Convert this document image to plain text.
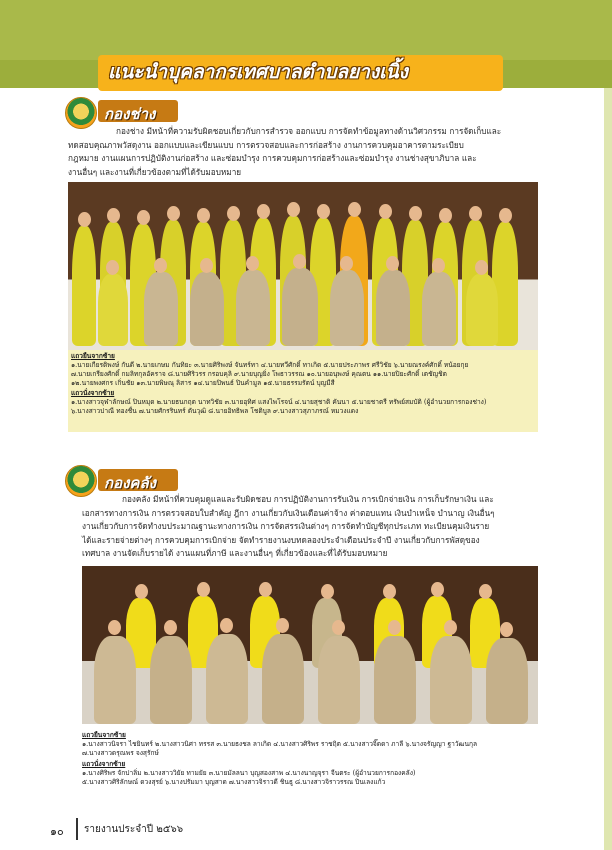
แนะนำบุคลากรเทศบาลตำบลยางเนิ้ง
กองช่าง

กองช่าง มีหน้าที่ความรับผิดชอบเกี่ยวกับการสำรวจ ออกแบบ การจัดทำข้อมูลทางด้านวิศวกรรม การจัดเก็บและ

ทดสอบคุณภาพวัสดุงาน ออกแบบและเขียนแบบ การตรวจสอบและการก่อสร้าง งานการควบคุมอาคารตามระเบียบ

กฎหมาย งานแผนการปฏิบัติงานก่อสร้าง และซ่อมบำรุง การควบคุมการก่อสร้างและซ่อมบำรุง งานช่างสุขาภิบาล และ

งานอื่นๆ และงานที่เกี่ยวข้องตามที่ได้รับมอบหมาย

แถวยืนจากซ้าย
๑.นายเกียรติพงษ์ กันดี ๒.นายเกษม กันทิยะ ๓.นายศิริพงษ์ จันทร์ทา ๔.นายทวีศักดิ์ ทาเกิด ๕.นายประภาพร ศรีวิชัย ๖.นายณรงค์ศักดิ์ หน้อยกุย
๗.นายเกรียงศักดิ์ กมลิทกุลอัคราจ ๘.นายศิริวรร กรอบคุลิ ๙.นายบุญยิ่ง โพธาวรรณ ๑๐.นายอนุพงษ์ คุณตน ๑๑.นายปิยะศักดิ์ เตชัญชิต
๑๒.นายพงศกร เกิ่นชัย ๑๓.นายพิษณุ ลิสาร ๑๔.นายปิพนธ์ ปินคำมูล ๑๕.นายธรรมรัตน์ บุญมีสี
แถวนั่งจากซ้าย
๑.นางสาวจุฬาลักษณ์ ปินหมุด ๒.นายธนกฤต นาทวิชัย ๓.นายอุทิศ แสงไพโรจน์ ๔.นายสุชาติ คันนา ๕.นายชาตรี ทรัพย์สมบัติ (ผู้อำนวยการกองช่าง)
๖.นางสาวปาณี ทองชื่น ๗.นายศักรรินทร์ ตันวุฒิ ๘.นายอิทธิพล โชติบูล ๙.นางสาวสุภาภรณ์ หมวงแดง
กองคลัง

กองคลัง มีหน้าที่ควบคุมดูแลและรับผิดชอบ การปฏิบัติงานการรับเงิน การเบิกจ่ายเงิน การเก็บรักษาเงิน และ

เอกสารทางการเงิน การตรวจสอบใบสำคัญ ฎีกา งานเกี่ยวกับเงินเดือนค่าจ้าง ค่าตอบแทน เงินบำเหน็จ บำนาญ เงินอื่นๆ

งานเกี่ยวกับการจัดทำงบประมาณฐานะทางการเงิน การจัดสรรเงินต่างๆ การจัดทำบัญชีทุกประเภท ทะเบียนคุมเงินราย

ได้และรายจ่ายต่างๆ การควบคุมการเบิกจ่าย จัดทำรายงานงบทดลองประจำเดือนประจำปี งานเกี่ยวกับการพัสดุของ

เทศบาล งานจัดเก็บรายได้ งานแผนที่ภาษี และงานอื่นๆ ที่เกี่ยวข้องและที่ได้รับมอบหมาย

แถวยืนจากซ้าย
๑.นางสาวนิจรา ไชยินทร์ ๒.นางสาวนิศา ทรรส ๓.นายธงชล ลาเกิด ๔.นางสาวศิริพร ราชฤิต ๕.นางสาวจิ๊ดดา ภาลี ๖.นางจรัญญา ฐาวัฒนกุล
๗.นางสาวดรุณพร จงสุรักษ์
แถวนั่งจากซ้าย
๑.นางศิริพร จักปาลิ่ม ๒.นางสาววิยัย ทามยัย ๓.นายมัลลนา บุญสองสาพ ๔.นางนาญจุรา จีนตระ (ผู้อำนวยการกองคลัง)
๕.นางสาวศิริลักษณ์ ดวงสุรย์ ๖.นางปรัมมา บุญสาด ๗.นางสาวจิราวดี ชินธู ๘.นางสาวจิราวรรณ ปินเลงแก้ว
๑๐ รายงานประจำปี ๒๕๖๖
